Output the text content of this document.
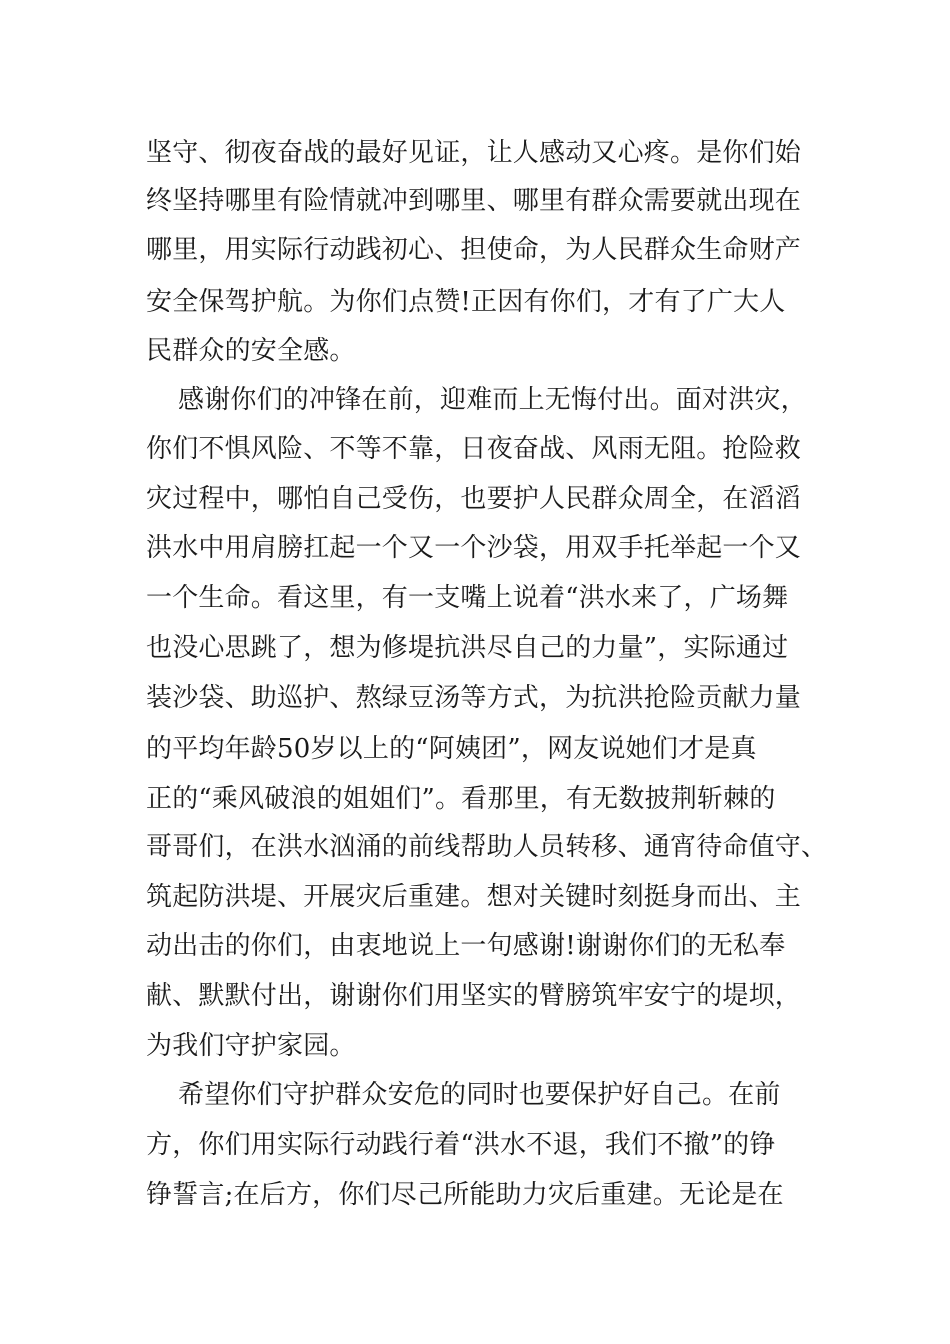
坚守、彻夜奋战的最好见证，让人感动又心疼。是你们始
终坚持哪里有险情就冲到哪里、哪里有群众需要就出现在
哪里，用实际行动践初心、担使命，为人民群众生命财产
安全保驾护航。为你们点赞!正因有你们，才有了广大人
民群众的安全感。
感谢你们的冲锋在前，迎难而上无悔付出。面对洪灾，
你们不惧风险、不等不靠，日夜奋战、风雨无阻。抢险救
灾过程中，哪怕自己受伤，也要护人民群众周全，在滔滔
洪水中用肩膀扛起一个又一个沙袋，用双手托举起一个又
一个生命。看这里，有一支嘴上说着“洪水来了，广场舞
也没心思跳了，想为修堤抗洪尽自己的力量”，实际通过
装沙袋、助巡护、熬绿豆汤等方式，为抗洪抢险贡献力量
的平均年龄50岁以上的“阿姨团”，网友说她们才是真
正的“乘风破浪的姐姐们”。看那里，有无数披荆斩棘的
哥哥们，在洪水汹涌的前线帮助人员转移、通宵待命值守、
筑起防洪堤、开展灾后重建。想对关键时刻挺身而出、主
动出击的你们，由衷地说上一句感谢!谢谢你们的无私奉
献、默默付出，谢谢你们用坚实的臂膀筑牢安宁的堤坝，
为我们守护家园。
希望你们守护群众安危的同时也要保护好自己。在前
方，你们用实际行动践行着“洪水不退，我们不撤”的铮
铮誓言;在后方，你们尽己所能助力灾后重建。无论是在
